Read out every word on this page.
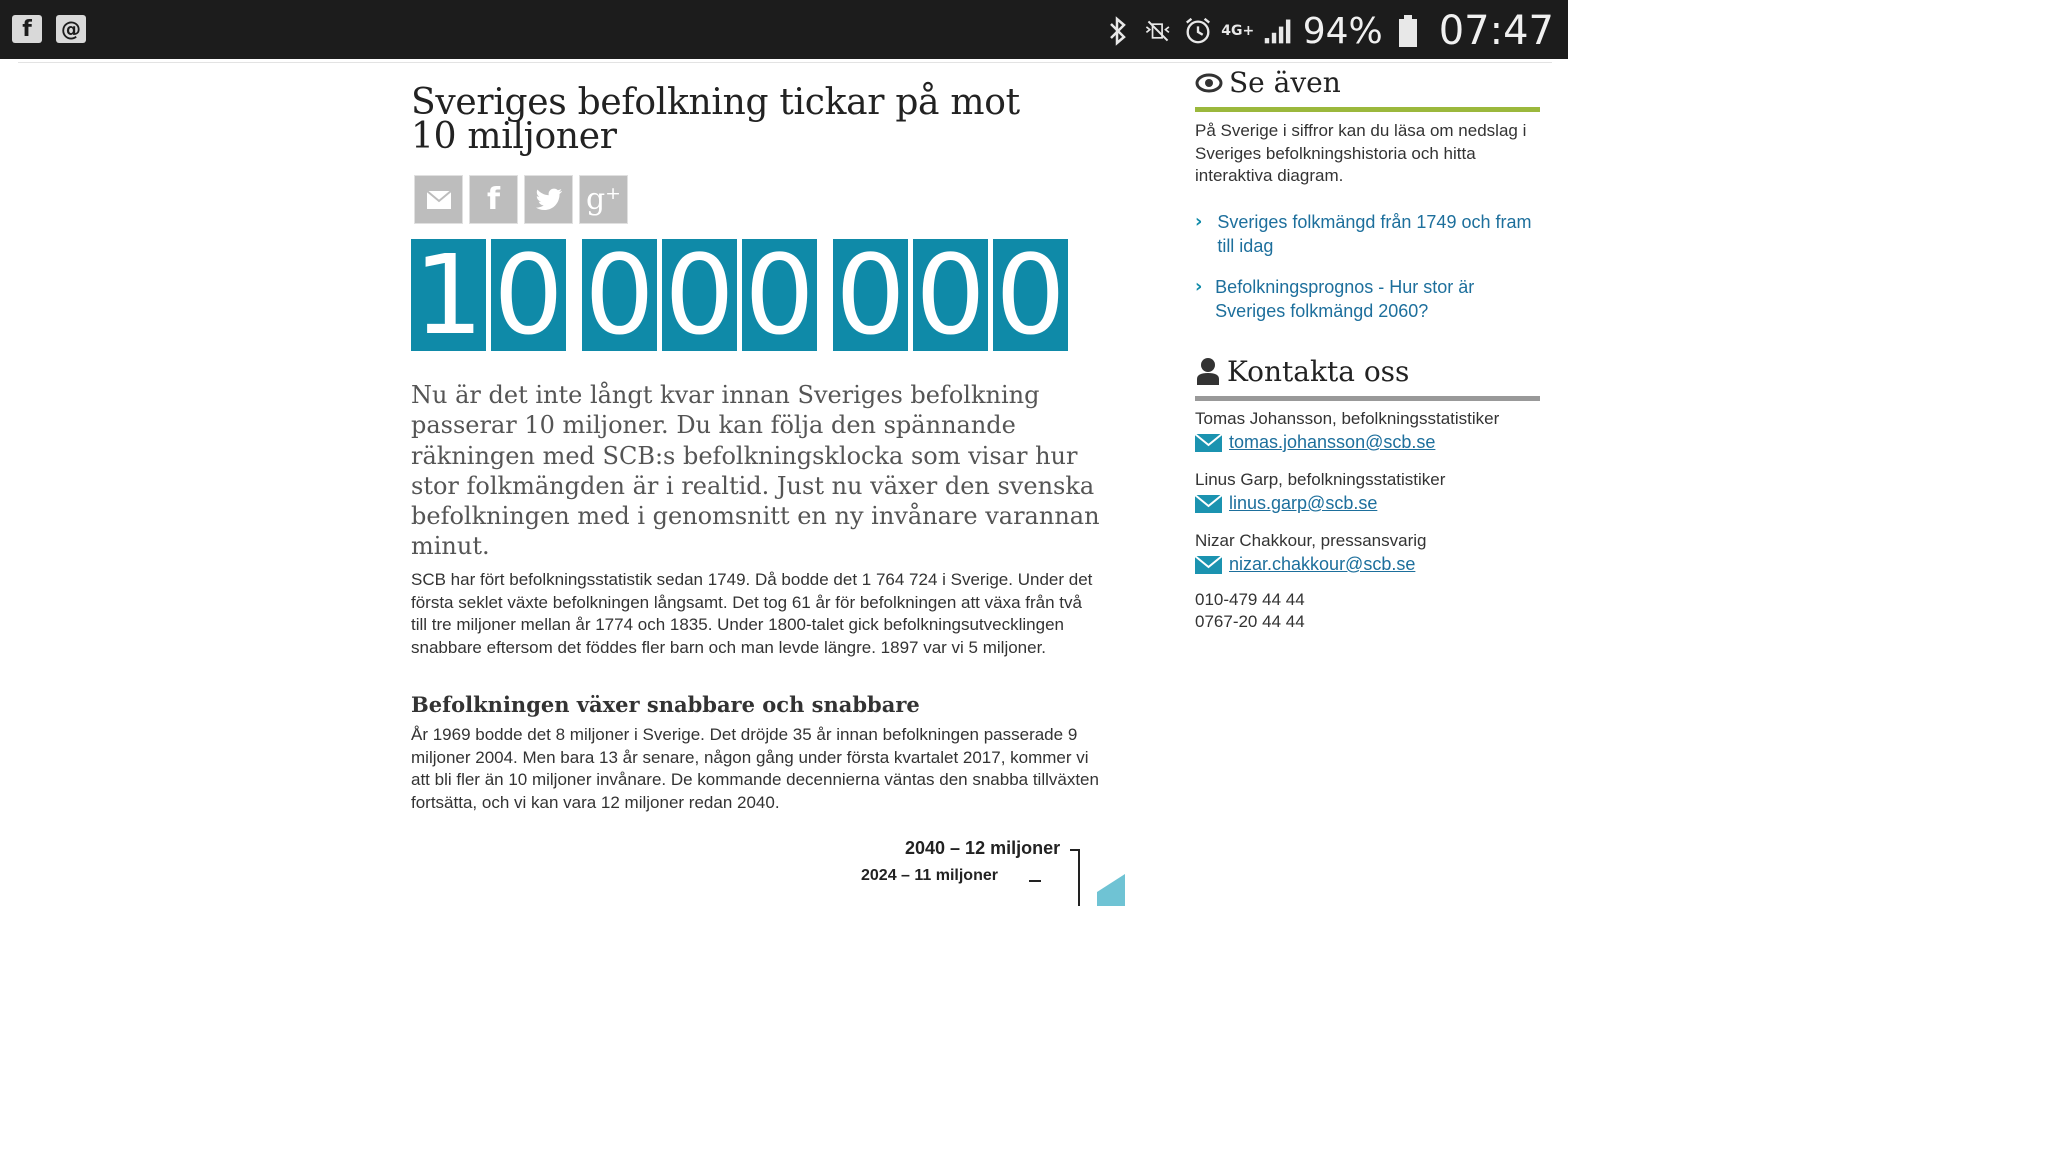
f	@	4G+ 94% 07:47
Sveriges befolkning tickar på mot 10 miljoner
f	g⁺
1 0 0 0 0 0 0 0

Nu är det inte långt kvar innan Sveriges befolkning passerar 10 miljoner. Du kan följa den spännande räkningen med SCB:s befolkningsklocka som visar hur stor folkmängden är i realtid. Just nu växer den svenska befolkningen med i genomsnitt en ny invånare varannan minut.

SCB har fört befolkningsstatistik sedan 1749. Då bodde det 1 764 724 i Sverige. Under det första seklet växte befolkningen långsamt. Det tog 61 år för befolkningen att växa från två till tre miljoner mellan år 1774 och 1835. Under 1800-talet gick befolkningsutvecklingen snabbare eftersom det föddes fler barn och man levde längre. 1897 var vi 5 miljoner.

Befolkningen växer snabbare och snabbare

År 1969 bodde det 8 miljoner i Sverige. Det dröjde 35 år innan befolkningen passerade 9 miljoner 2004. Men bara 13 år senare, någon gång under första kvartalet 2017, kommer vi att bli fler än 10 miljoner invånare. De kommande decennierna väntas den snabba tillväxten fortsätta, och vi kan vara 12 miljoner redan 2040.

2040 – 12 miljoner
2024 – 11 miljoner
Se även

På Sverige i siffror kan du läsa om nedslag i Sveriges befolkningshistoria och hitta interaktiva diagram.

› Sveriges folkmängd från 1749 och fram till idag
› Befolkningsprognos - Hur stor är Sveriges folkmängd 2060?
Kontakta oss
Tomas Johansson, befolkningsstatistiker
tomas.johansson@scb.se
Linus Garp, befolkningsstatistiker
linus.garp@scb.se
Nizar Chakkour, pressansvarig
nizar.chakkour@scb.se
010-479 44 44
0767-20 44 44
